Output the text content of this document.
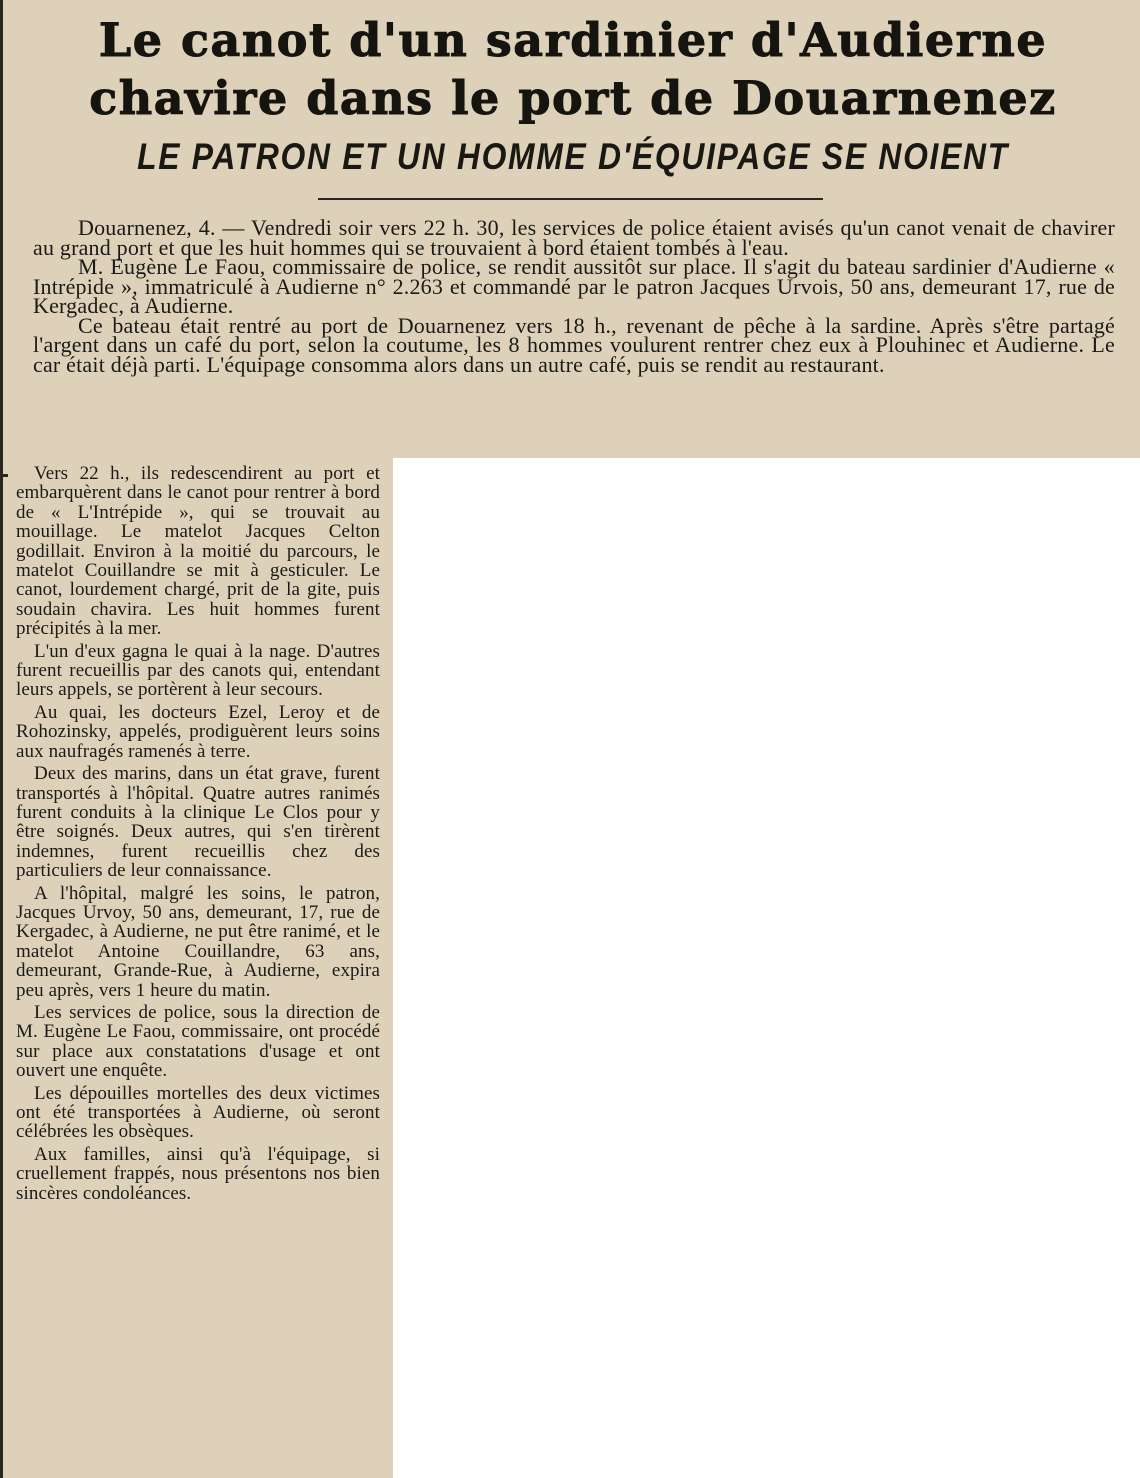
Le canot d'un sardinier d'Audierne
chavire dans le port de Douarnenez
LE PATRON ET UN HOMME D'ÉQUIPAGE SE NOIENT

Douarnenez, 4. — Vendredi soir vers 22 h. 30, les services de police étaient avisés qu'un canot venait de chavirer au grand port et que les huit hommes qui se trouvaient à bord étaient tombés à l'eau.

M. Eugène Le Faou, commissaire de police, se rendit aussitôt sur place. Il s'agit du bateau sardinier d'Audierne « Intrépide », immatriculé à Audierne n° 2.263 et commandé par le patron Jacques Urvois, 50 ans, demeurant 17, rue de Kergadec, à Audierne.

Ce bateau était rentré au port de Douarnenez vers 18 h., revenant de pêche à la sardine. Après s'être partagé l'argent dans un café du port, selon la coutume, les 8 hommes voulurent rentrer chez eux à Plouhinec et Audierne. Le car était déjà parti. L'équipage consomma alors dans un autre café, puis se rendit au restaurant.

Vers 22 h., ils redescendirent au port et embarquèrent dans le canot pour rentrer à bord de « L'Intrépide », qui se trouvait au mouillage. Le matelot Jacques Celton godillait. Environ à la moitié du parcours, le matelot Couillandre se mit à gesticuler. Le canot, lourdement chargé, prit de la gite, puis soudain chavira. Les huit hommes furent précipités à la mer.

L'un d'eux gagna le quai à la nage. D'autres furent recueillis par des canots qui, entendant leurs appels, se portèrent à leur secours.

Au quai, les docteurs Ezel, Leroy et de Rohozinsky, appelés, prodiguèrent leurs soins aux naufragés ramenés à terre.

Deux des marins, dans un état grave, furent transportés à l'hôpital. Quatre autres ranimés furent conduits à la clinique Le Clos pour y être soignés. Deux autres, qui s'en tirèrent indemnes, furent recueillis chez des particuliers de leur connaissance.

A l'hôpital, malgré les soins, le patron, Jacques Urvoy, 50 ans, demeurant, 17, rue de Kergadec, à Audierne, ne put être ranimé, et le matelot Antoine Couillandre, 63 ans, demeurant, Grande-Rue, à Audierne, expira peu après, vers 1 heure du matin.

Les services de police, sous la direction de M. Eugène Le Faou, commissaire, ont procédé sur place aux constatations d'usage et ont ouvert une enquête.

Les dépouilles mortelles des deux victimes ont été transportées à Audierne, où seront célébrées les obsèques.

Aux familles, ainsi qu'à l'équipage, si cruellement frappés, nous présentons nos bien sincères condoléances.
